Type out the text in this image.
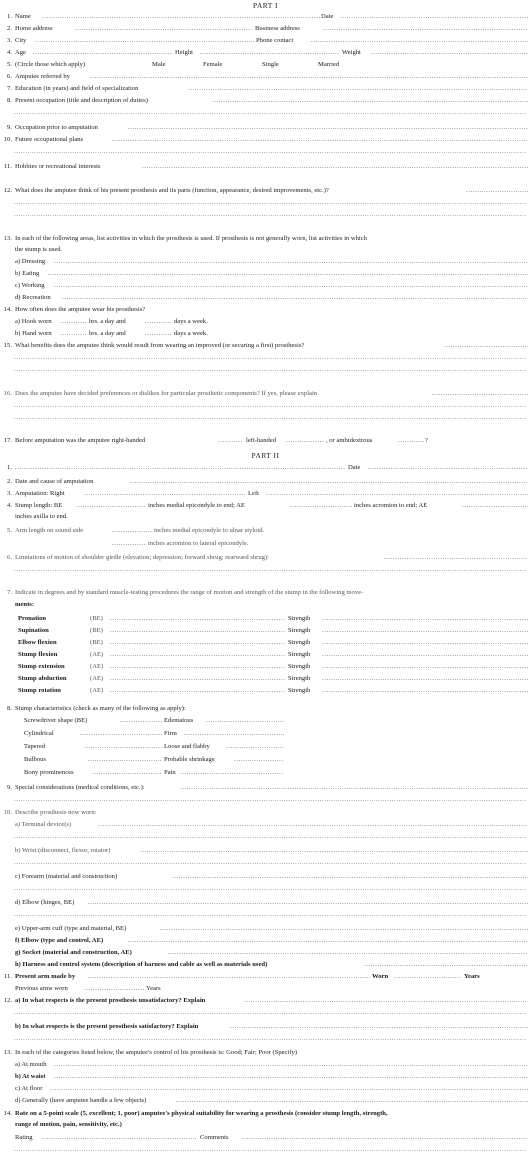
PART I
1. Name .....	Date
.....
2. Home address .....	Business address
.....
3. City .....	Phone contact
.....
4. Age .....	Height .....	Weight
.....
5. (Circle those which apply)	Male	Female	Single	Married
6. Amputee referred by
.....
7. Education (in years) and field of specialization
.....
8. Present occupation (title and description of duties)
.....
.....
9. Occupation prior to amputation
.....
10. Future occupational plans
.....
.....
11. Hobbies or recreational interests
.....
12. What does the amputee think of his present prosthesis and its parts (function, appearance, desired improvements, etc.)?
.....
.....
.....
13. In each of the following areas, list activities in which the prosthesis is used. If prosthesis is not generally worn, list activities in which
the stump is used.
a) Dressing
.....
b) Eating
.....
c) Working
.....
d) Recreation
.....
14. How often does the amputee wear his prosthesis?
a) Hook worn .....	hrs. a day and .....	days a week.
b) Hand worn .....	hrs. a day and .....	days a week.
15. What benefits does the amputee think would result from wearing an improved (or securing a first) prosthesis?
.....
.....
.....
16. Does the amputee have decided preferences or dislikes for particular prosthetic components? If yes, please explain
.....
.....
.....
17. Before amputation was the amputee right-handed .....	left-handed .....	, or ambidextrous .....	?
PART II
1. .....	Date
.....
2. Date and cause of amputation
.....
3. Amputation: Right .....	Left
.....
4. Stump length: BE .....	inches medial epicondyle to end; AE .....	inches acromion to end; AE
.....
inches axilla to end.
5. Arm length on sound side .....	inches medial epicondyle to ulnar styloid.
.....
inches acromion to lateral epicondyle.
6. Limitations of motion of shoulder girdle (elevation; depression; forward shrug; rearward shrug):
.....
.....
7. Indicate in degrees and by standard muscle-testing procedures the range of motion and strength of the stump in the following move-
ments:
Pronation	(BE) .....	Strength
.....
Supination	(BE) .....	Strength
.....
Elbow flexion	(BE) .....	Strength
.....
Stump flexion	(AE) .....	Strength
.....
Stump extension	(AE) .....	Strength
.....
Stump abduction	(AE) .....	Strength
.....
Stump rotation	(AE) .....	Strength
.....
8. Stump characteristics (check as many of the following as apply):
Screwdriver shape (BE) .....	Edematous
.....
Cylindrical .....	Firm
.....
Tapered .....	Loose and flabby
.....
Bulbous .....	Probable shrinkage
.....
Bony prominences .....	Pain
.....
9. Special considerations (medical conditions, etc.):
.....
.....
10. Describe prosthesis now worn:
a) Terminal device(s)
.....
.....
b) Wrist (disconnect, flexor, rotator)
.....
.....
c) Forearm (material and construction)
.....
.....
d) Elbow (hinges, BE)
.....
.....
e) Upper-arm cuff (type and material, BE)
.....
f) Elbow (type and control, AE)
.....
g) Socket (material and construction, AE)
.....
h) Harness and control system (description of harness and cable as well as materials used)
.....
11. Present arm made by .....	Worn .....	Years
Previous arms worn .....	Years
12. a) In what respects is the present prosthesis unsatisfactory? Explain
.....
.....
b) In what respects is the present prosthesis satisfactory? Explain
.....
.....
13. In each of the categories listed below, the amputee's control of his prosthesis is: Good; Fair; Poor (Specify)
a) At mouth
.....
b) At waist
.....
c) At floor
.....
d) Generally (have amputee handle a few objects)
.....
14. Rate on a 5-point scale (5, excellent; 1, poor) amputee's physical suitability for wearing a prosthesis (consider stump length, strength,
range of motion, pain, sensitivity, etc.)
Rating .....	Comments
.....
.....
